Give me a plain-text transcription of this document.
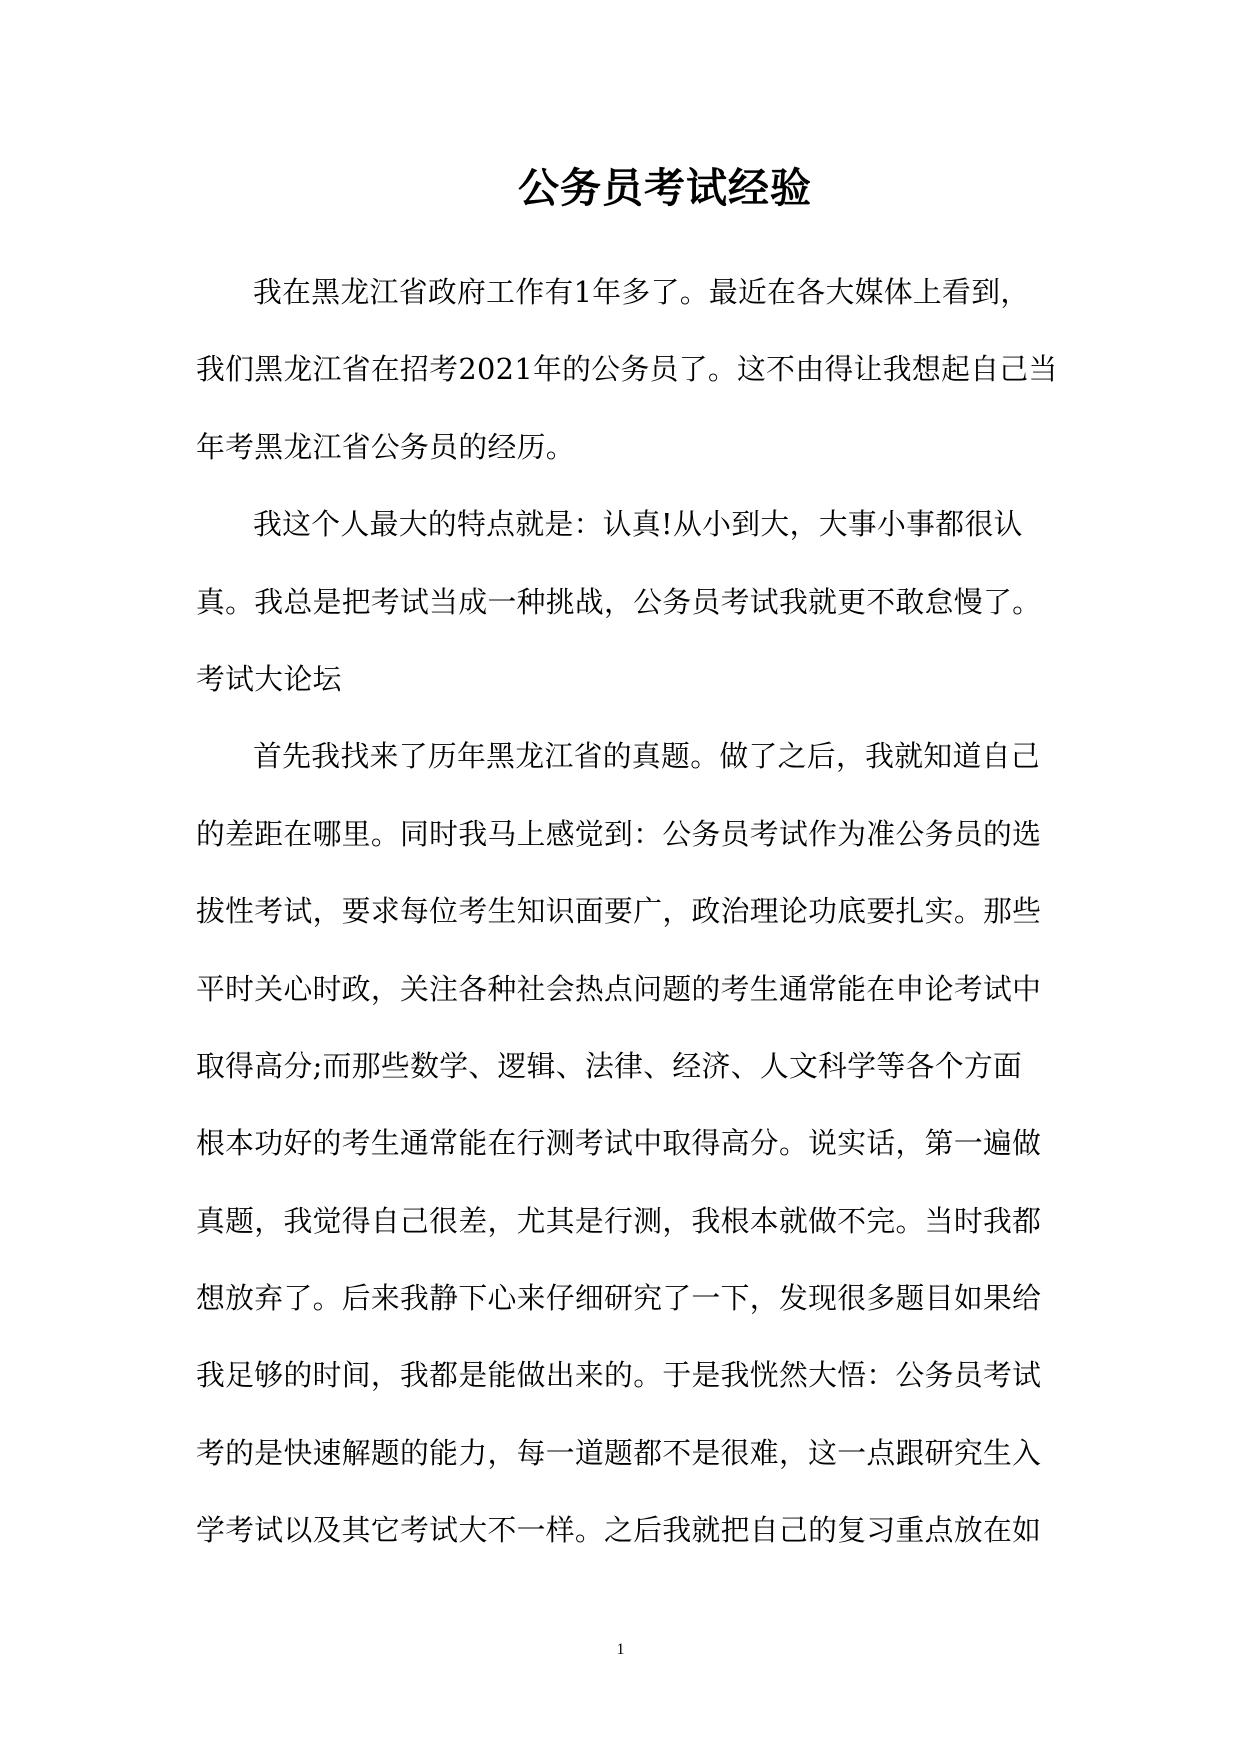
公务员考试经验
我在黑龙江省政府工作有1年多了。最近在各大媒体上看到，
我们黑龙江省在招考2021年的公务员了。这不由得让我想起自己当
年考黑龙江省公务员的经历。
我这个人最大的特点就是：认真!从小到大，大事小事都很认
真。我总是把考试当成一种挑战，公务员考试我就更不敢怠慢了。
考试大论坛
首先我找来了历年黑龙江省的真题。做了之后，我就知道自己
的差距在哪里。同时我马上感觉到：公务员考试作为准公务员的选
拔性考试，要求每位考生知识面要广，政治理论功底要扎实。那些
平时关心时政，关注各种社会热点问题的考生通常能在申论考试中
取得高分;而那些数学、逻辑、法律、经济、人文科学等各个方面
根本功好的考生通常能在行测考试中取得高分。说实话，第一遍做
真题，我觉得自己很差，尤其是行测，我根本就做不完。当时我都
想放弃了。后来我静下心来仔细研究了一下，发现很多题目如果给
我足够的时间，我都是能做出来的。于是我恍然大悟：公务员考试
考的是快速解题的能力，每一道题都不是很难，这一点跟研究生入
学考试以及其它考试大不一样。之后我就把自己的复习重点放在如
1
